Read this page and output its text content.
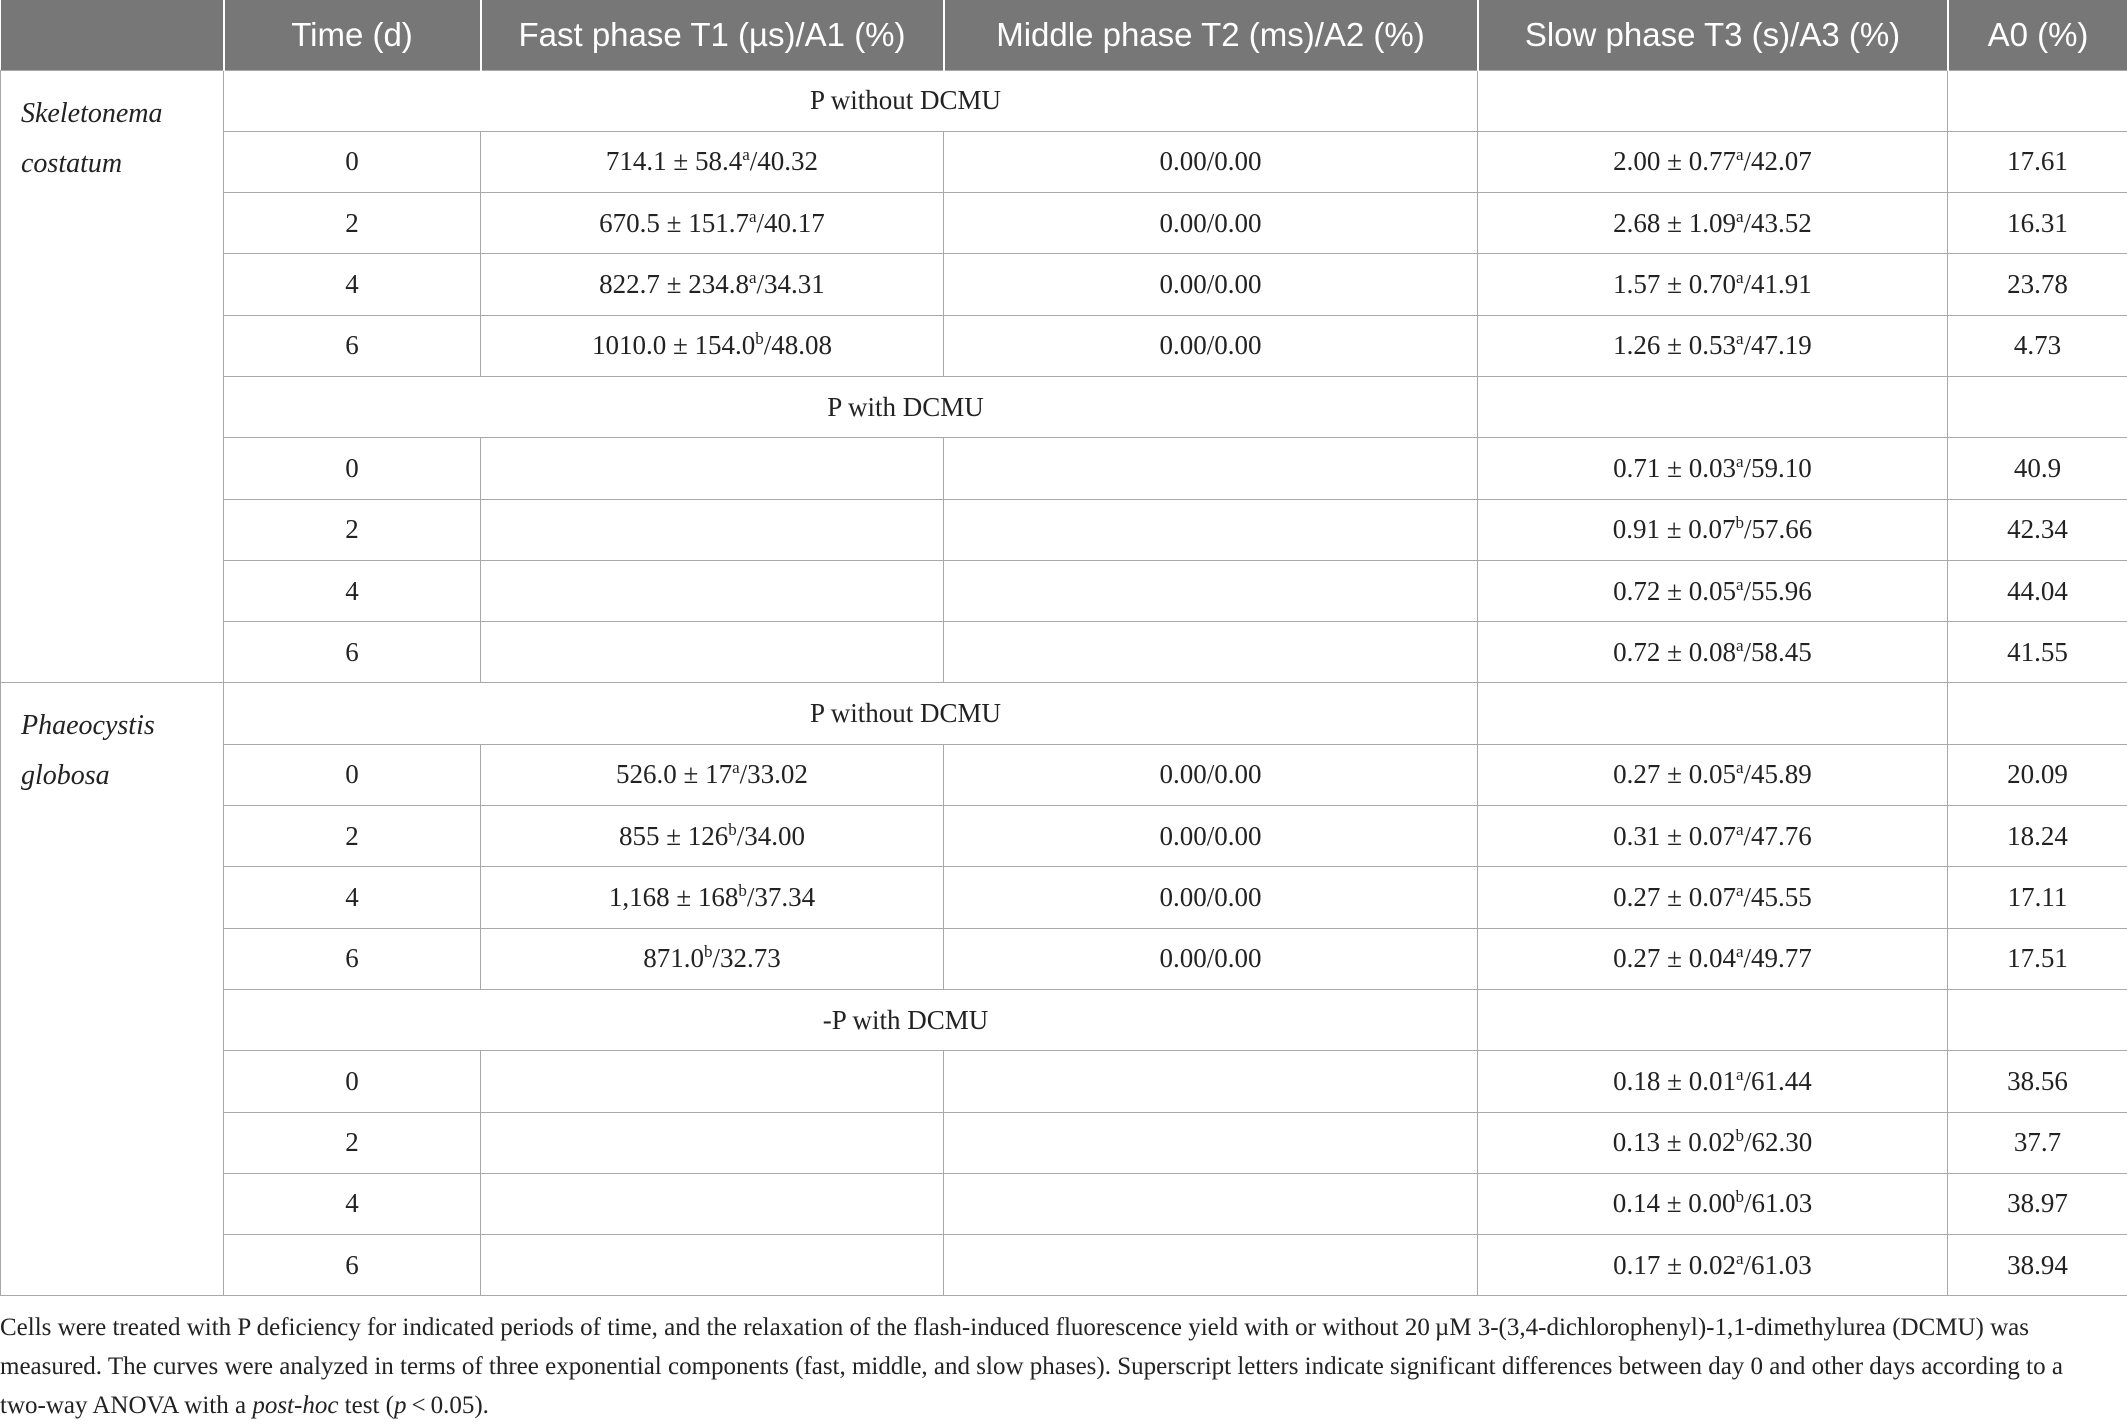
	Time (d)	Fast phase T1 (µs)/A1 (%)	Middle phase T2 (ms)/A2 (%)	Slow phase T3 (s)/A3 (%)	A0 (%)
Skeletonema
costatum	P without DCMU				
	0	714.1 ± 58.4$^a$/40.32	0.00/0.00	2.00 ± 0.77$^a$/42.07	17.61
	2	670.5 ± 151.7$^a$/40.17	0.00/0.00	2.68 ± 1.09$^a$/43.52	16.31
	4	822.7 ± 234.8$^a$/34.31	0.00/0.00	1.57 ± 0.70$^a$/41.91	23.78
	6	1010.0 ± 154.0$^b$/48.08	0.00/0.00	1.26 ± 0.53$^a$/47.19	4.73
	P with DCMU				
	0			0.71 ± 0.03$^a$/59.10	40.9
	2			0.91 ± 0.07$^b$/57.66	42.34
	4			0.72 ± 0.05$^a$/55.96	44.04
	6			0.72 ± 0.08$^a$/58.45	41.55
Phaeocystis
globosa	P without DCMU				
	0	$526.0 \pm 17^a/33.02$	0.00/0.00	0.27 ± 0.05$^a$/45.89	20.09
	2	$855 \pm 126^b/34.00$	0.00/0.00	0.31 ± 0.07$^a$/47.76	18.24
	4	$1,168 \pm 168^b/37.34$	0.00/0.00	0.27 ± 0.07$^a$/45.55	17.11
	6	871.0$^b$/32.73	0.00/0.00	0.27 ± 0.04$^a$/49.77	17.51
	-P with DCMU				
	0			0.18 ± 0.01$^a$/61.44	38.56
	2			0.13 ± 0.02$^b$/62.30	37.7
	4			0.14 ± 0.00$^b$/61.03	38.97
	6			0.17 ± 0.02$^a$/61.03	38.94
Cells were treated with P deficiency for indicated periods of time, and the relaxation of the flash-induced fluorescence yield with or without 20 µM 3-(3,4-dichlorophenyl)-1,1-dimethylurea (DCMU) was measured. The curves were analyzed in terms of three exponential components (fast, middle, and slow phases). Superscript letters indicate significant differences between day 0 and other days according to a two-way ANOVA with a post-hoc test (p < 0.05).
